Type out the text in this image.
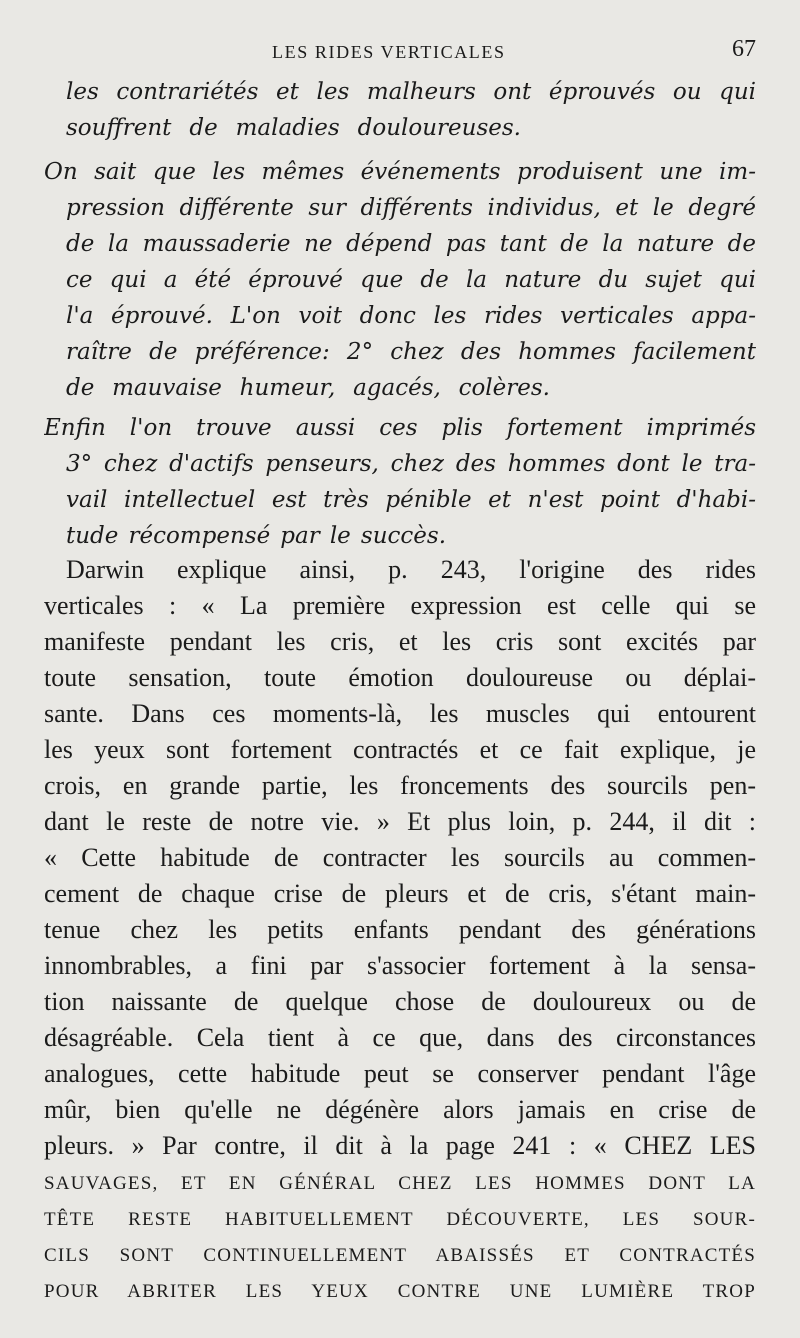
LES RIDES VERTICALES	67
les contrariétés et les malheurs ont éprouvés ou qui
souffrent de maladies douloureuses.
On sait que les mêmes événements produisent une im-
pression différente sur différents individus, et le degré
de la maussaderie ne dépend pas tant de la nature de
ce qui a été éprouvé que de la nature du sujet qui
l'a éprouvé. L'on voit donc les rides verticales appa-
raître de préférence: 2° chez des hommes facilement
de mauvaise humeur, agacés, colères.
Enfin l'on trouve aussi ces plis fortement imprimés
3° chez d'actifs penseurs, chez des hommes dont le tra-
vail intellectuel est très pénible et n'est point d'habi-
tude récompensé par le succès.
Darwin explique ainsi, p. 243, l'origine des rides
verticales : « La première expression est celle qui se
manifeste pendant les cris, et les cris sont excités par
toute sensation, toute émotion douloureuse ou déplai-
sante. Dans ces moments-là, les muscles qui entourent
les yeux sont fortement contractés et ce fait explique, je
crois, en grande partie, les froncements des sourcils pen-
dant le reste de notre vie. » Et plus loin, p. 244, il dit :
« Cette habitude de contracter les sourcils au commen-
cement de chaque crise de pleurs et de cris, s'étant main-
tenue chez les petits enfants pendant des générations
innombrables, a fini par s'associer fortement à la sensa-
tion naissante de quelque chose de douloureux ou de
désagréable. Cela tient à ce que, dans des circonstances
analogues, cette habitude peut se conserver pendant l'âge
mûr, bien qu'elle ne dégénère alors jamais en crise de
pleurs. » Par contre, il dit à la page 241 : « CHEZ LES
SAUVAGES, ET EN GÉNÉRAL CHEZ LES HOMMES DONT LA
TÊTE RESTE HABITUELLEMENT DÉCOUVERTE, LES SOUR-
CILS SONT CONTINUELLEMENT ABAISSÉS ET CONTRACTÉS
POUR ABRITER LES YEUX CONTRE UNE LUMIÈRE TROP
